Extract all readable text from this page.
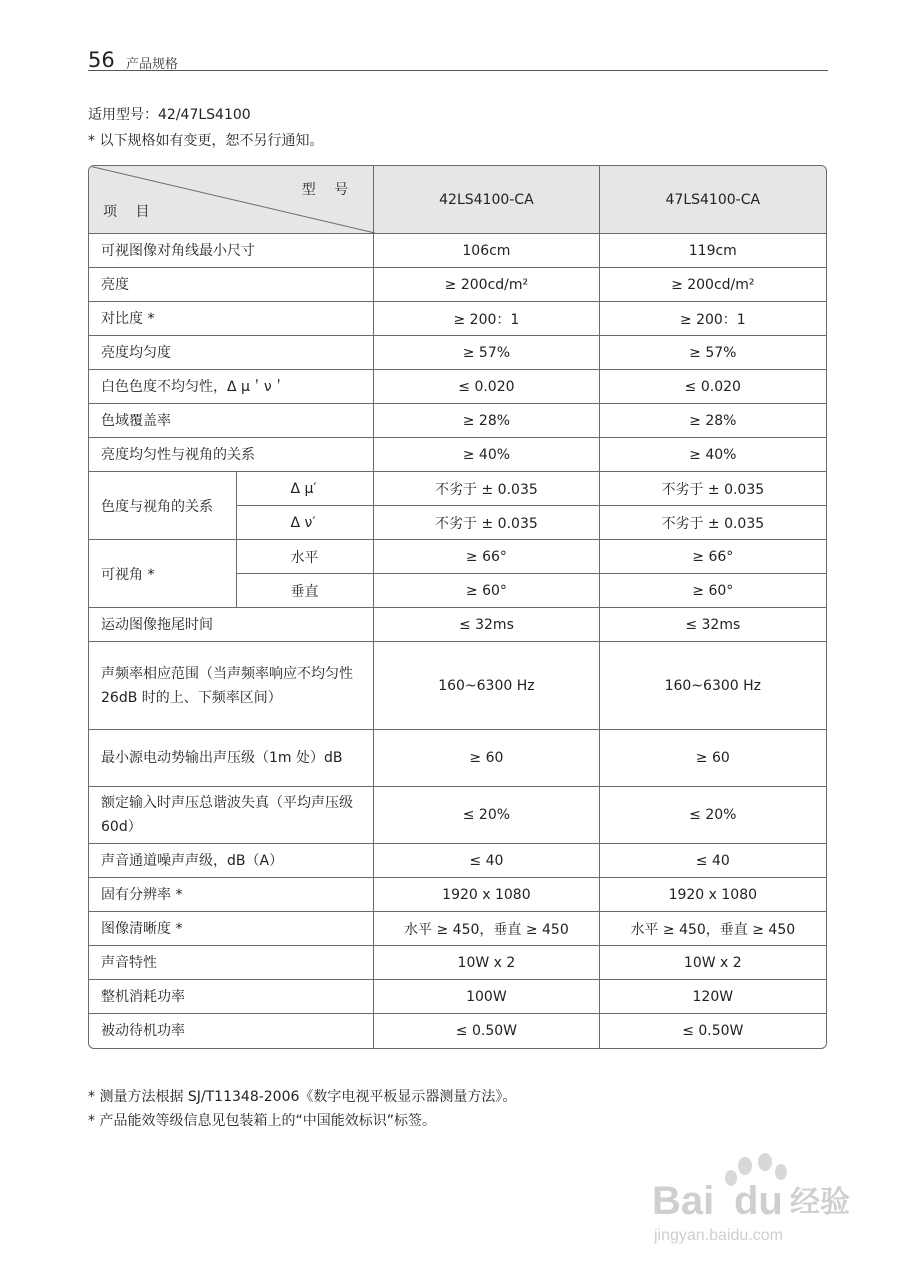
56 产品规格
适用型号：42/47LS4100
* 以下规格如有变更，恕不另行通知。
型 号
项 目		42LS4100-CA	47LS4100-CA
可视图像对角线最小尺寸		106cm	119cm
亮度		≥ 200cd/m²	≥ 200cd/m²
对比度 *		≥ 200：1	≥ 200：1
亮度均匀度		≥ 57%	≥ 57%
白色色度不均匀性，Δ μ＇ν＇		≤ 0.020	≤ 0.020
色域覆盖率		≥ 28%	≥ 28%
亮度均匀性与视角的关系		≥ 40%	≥ 40%
色度与视角的关系	Δ μ′	不劣于 ± 0.035	不劣于 ± 0.035
	Δ ν′	不劣于 ± 0.035	不劣于 ± 0.035
可视角 *	水平	≥ 66°	≥ 66°
	垂直	≥ 60°	≥ 60°
运动图像拖尾时间		≤ 32ms	≤ 32ms
声频率相应范围（当声频率响应不均匀性 26dB 时的上、下频率区间）		160~6300 Hz	160~6300 Hz
最小源电动势输出声压级（1m 处）dB		≥ 60	≥ 60
额定输入时声压总谐波失真（平均声压级 60d）		≤ 20%	≤ 20%
声音通道噪声声级，dB（A）		≤ 40	≤ 40
固有分辨率 *		1920 x 1080	1920 x 1080
图像清晰度 *		水平 ≥ 450，垂直 ≥ 450	水平 ≥ 450，垂直 ≥ 450
声音特性		10W x 2	10W x 2
整机消耗功率		100W	120W
被动待机功率		≤ 0.50W	≤ 0.50W
* 测量方法根据 SJ/T11348-2006《数字电视平板显示器测量方法》。
* 产品能效等级信息见包装箱上的“中国能效标识”标签。
Bai du 经验
jingyan.baidu.com
